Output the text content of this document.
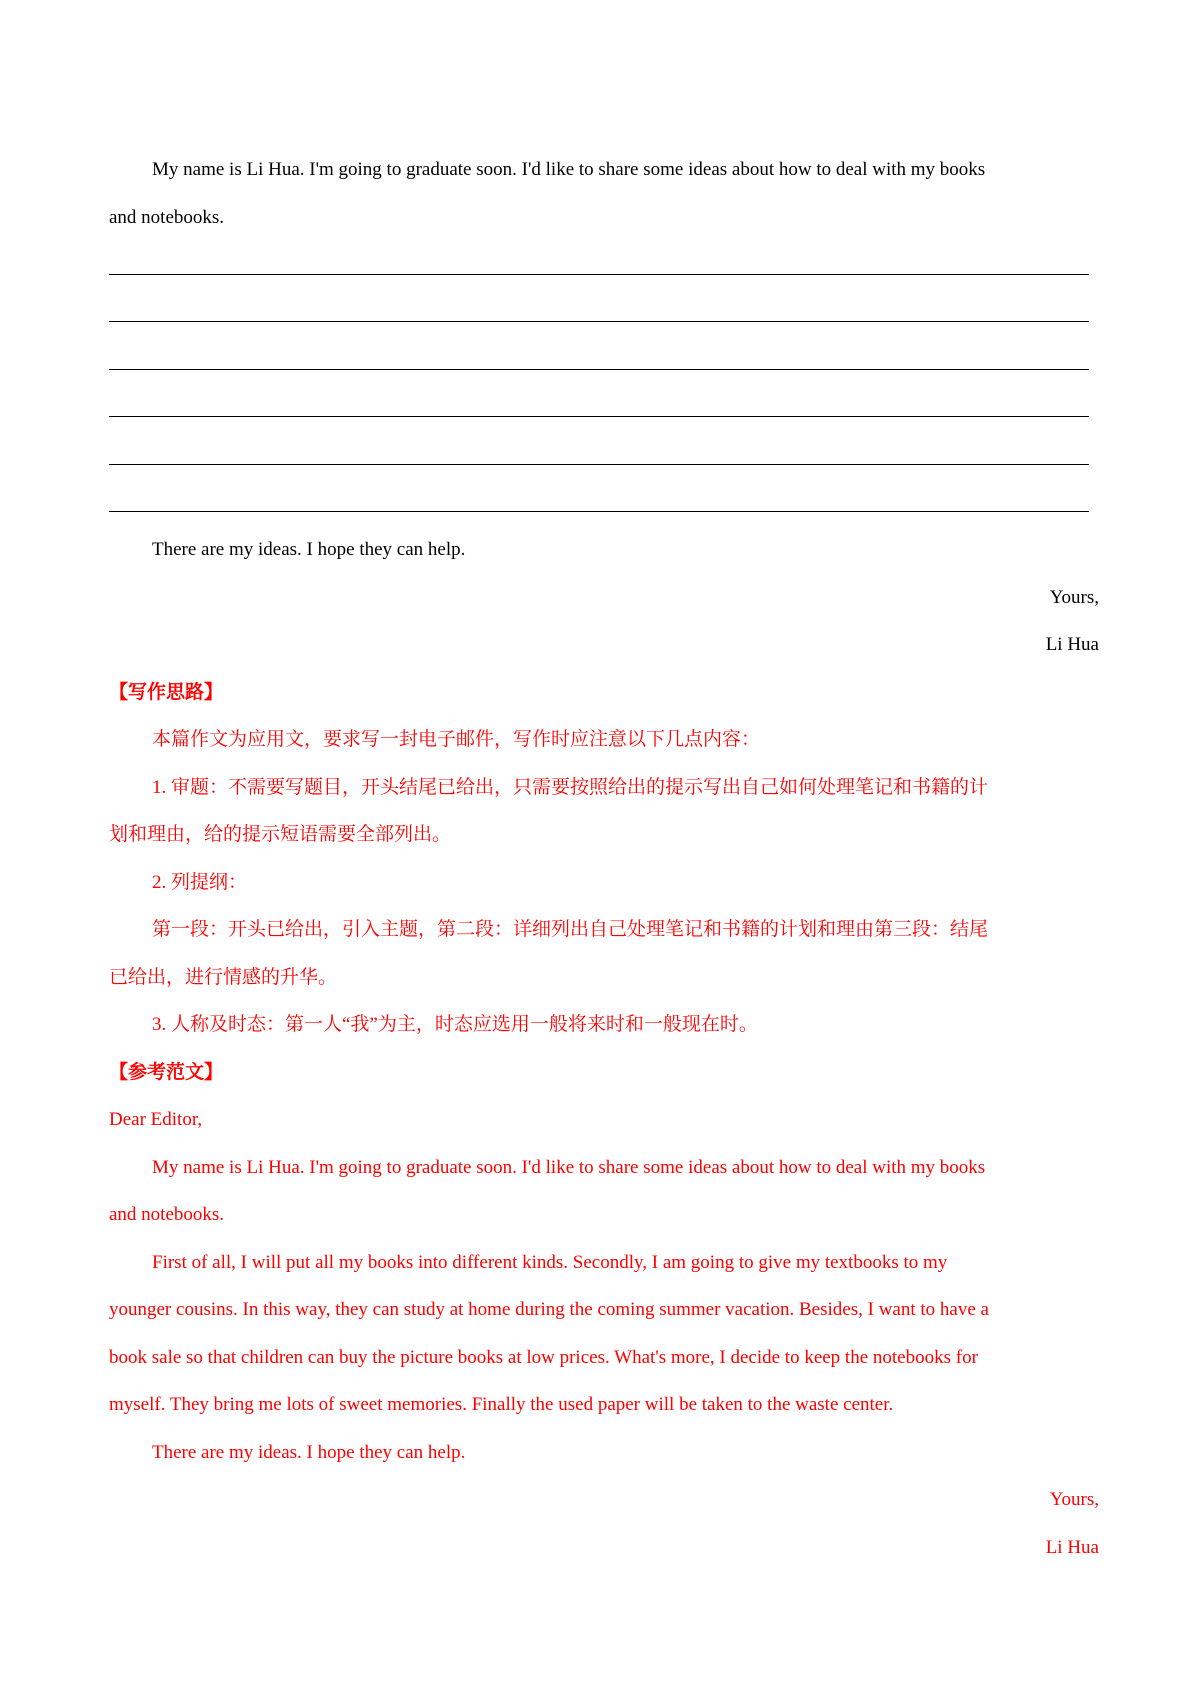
My name is Li Hua. I'm going to graduate soon. I'd like to share some ideas about how to deal with my books

and notebooks.

There are my ideas. I hope they can help.

Yours,

Li Hua

【写作思路】

本篇作文为应用文，要求写一封电子邮件，写作时应注意以下几点内容：

1. 审题：不需要写题目，开头结尾已给出，只需要按照给出的提示写出自己如何处理笔记和书籍的计

划和理由，给的提示短语需要全部列出。

2. 列提纲：

第一段：开头已给出，引入主题，第二段：详细列出自己处理笔记和书籍的计划和理由第三段：结尾

已给出，进行情感的升华。

3. 人称及时态：第一人“我”为主，时态应选用一般将来时和一般现在时。

【参考范文】

Dear Editor,

My name is Li Hua. I'm going to graduate soon. I'd like to share some ideas about how to deal with my books

and notebooks.

First of all, I will put all my books into different kinds. Secondly, I am going to give my textbooks to my

younger cousins. In this way, they can study at home during the coming summer vacation. Besides, I want to have a

book sale so that children can buy the picture books at low prices. What's more, I decide to keep the notebooks for

myself. They bring me lots of sweet memories. Finally the used paper will be taken to the waste center.

There are my ideas. I hope they can help.

Yours,

Li Hua
